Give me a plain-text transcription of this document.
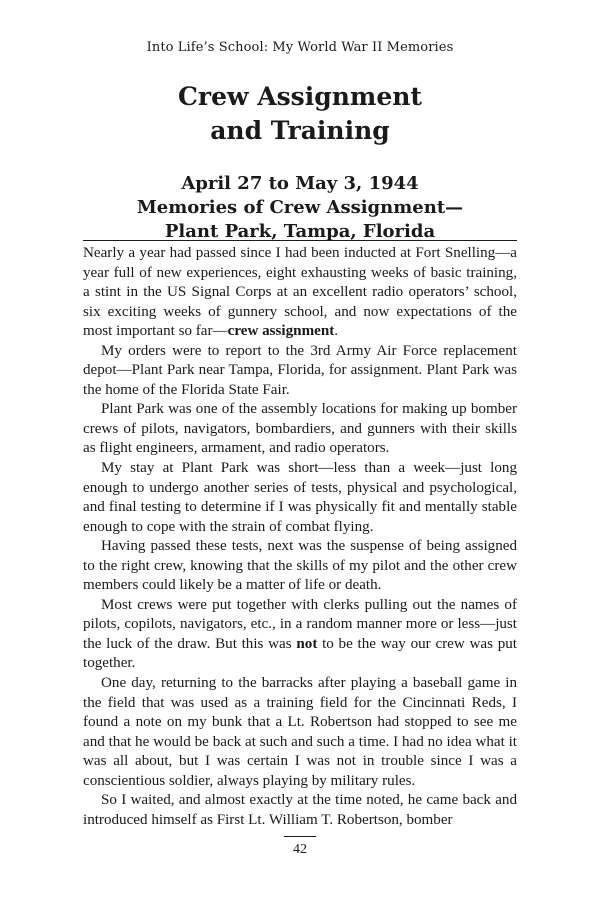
Into Life’s School: My World War II Memories
Crew Assignment
and Training
April 27 to May 3, 1944
Memories of Crew Assignment—
Plant Park, Tampa, Florida

Nearly a year had passed since I had been inducted at Fort Snelling—a year full of new experiences, eight exhausting weeks of basic training, a stint in the US Signal Corps at an excellent radio operators’ school, six exciting weeks of gunnery school, and now expectations of the most important so far—crew assignment.

My orders were to report to the 3rd Army Air Force replacement depot—Plant Park near Tampa, Florida, for assignment. Plant Park was the home of the Florida State Fair.

Plant Park was one of the assembly locations for making up bomber crews of pilots, navigators, bombardiers, and gunners with their skills as flight engineers, armament, and radio operators.

My stay at Plant Park was short—less than a week—just long enough to undergo another series of tests, physical and psychological, and final testing to determine if I was physically fit and mentally stable enough to cope with the strain of combat flying.

Having passed these tests, next was the suspense of being assigned to the right crew, knowing that the skills of my pilot and the other crew members could likely be a matter of life or death.

Most crews were put together with clerks pulling out the names of pilots, copilots, navigators, etc., in a random manner more or less—just the luck of the draw. But this was not to be the way our crew was put together.

One day, returning to the barracks after playing a baseball game in the field that was used as a training field for the Cincinnati Reds, I found a note on my bunk that a Lt. Robertson had stopped to see me and that he would be back at such and such a time. I had no idea what it was all about, but I was certain I was not in trouble since I was a conscientious soldier, always playing by military rules.

So I waited, and almost exactly at the time noted, he came back and introduced himself as First Lt. William T. Robertson, bomber

42
